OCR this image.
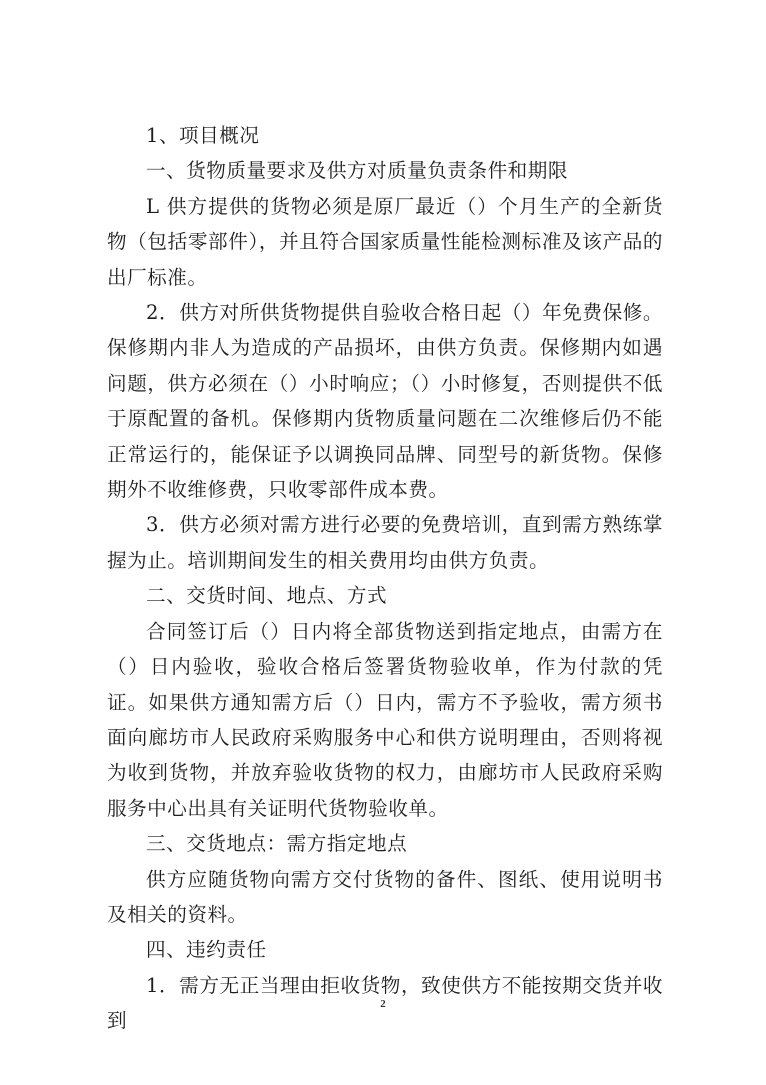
1、项目概况

一、货物质量要求及供方对质量负责条件和期限

L 供方提供的货物必须是原厂最近（）个月生产的全新货物（包括零部件），并且符合国家质量性能检测标准及该产品的出厂标准。

2．供方对所供货物提供自验收合格日起（）年免费保修。保修期内非人为造成的产品损坏，由供方负责。保修期内如遇问题，供方必须在（）小时响应；（）小时修复，否则提供不低于原配置的备机。保修期内货物质量问题在二次维修后仍不能正常运行的，能保证予以调换同品牌、同型号的新货物。保修期外不收维修费，只收零部件成本费。

3．供方必须对需方进行必要的免费培训，直到需方熟练掌握为止。培训期间发生的相关费用均由供方负责。

二、交货时间、地点、方式

合同签订后（）日内将全部货物送到指定地点，由需方在（）日内验收，验收合格后签署货物验收单，作为付款的凭证。如果供方通知需方后（）日内，需方不予验收，需方须书面向廊坊市人民政府采购服务中心和供方说明理由，否则将视为收到货物，并放弃验收货物的权力，由廊坊市人民政府采购服务中心出具有关证明代货物验收单。

三、交货地点：需方指定地点

供方应随货物向需方交付货物的备件、图纸、使用说明书及相关的资料。

四、违约责任

1．需方无正当理由拒收货物，致使供方不能按期交货并收到

2
